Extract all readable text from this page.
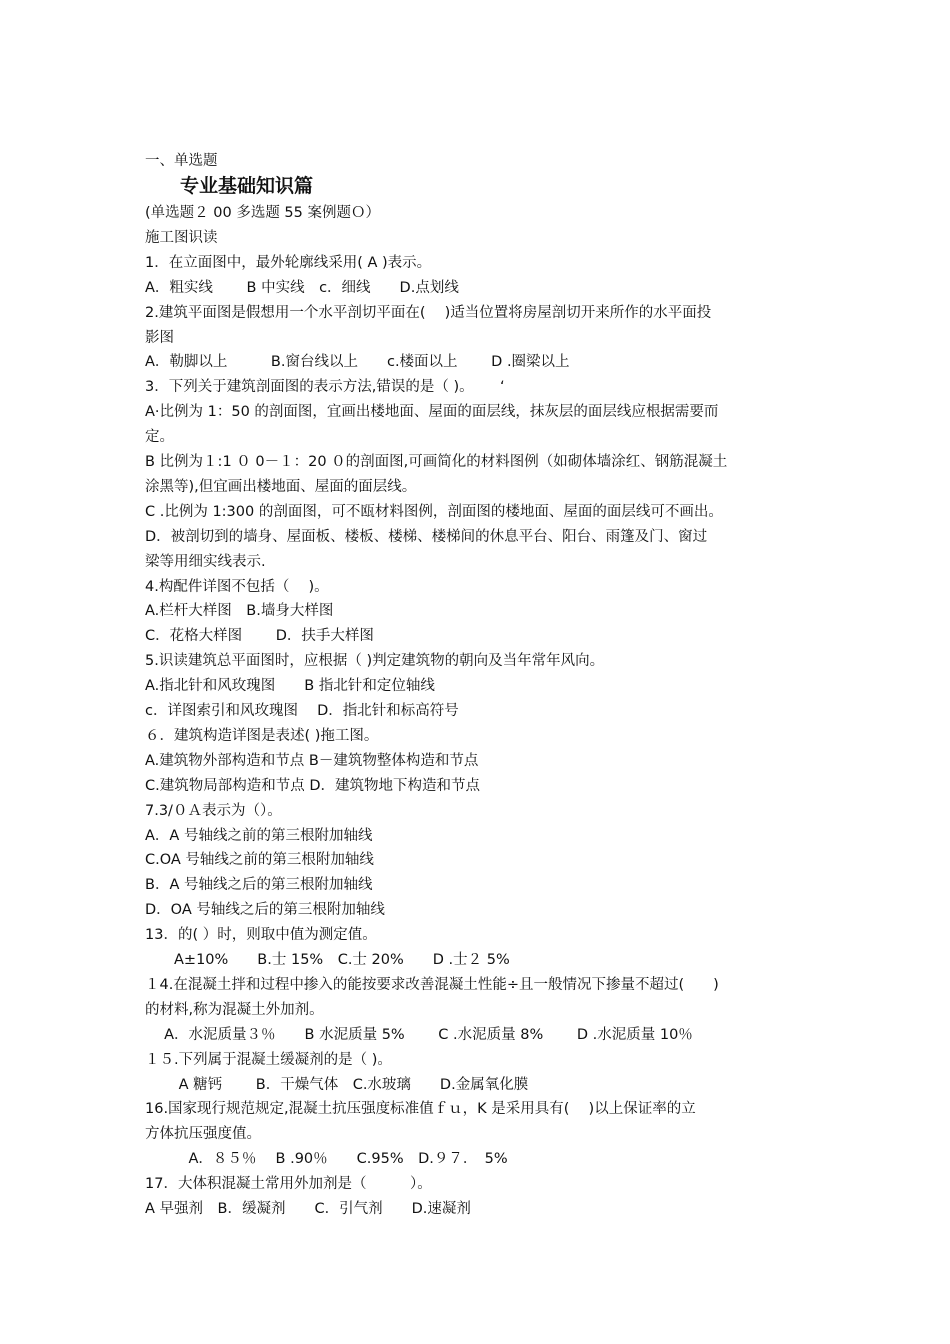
一、单选题
专业基础知识篇
(单选题２ 00 多选题 55 案例题Ｏ）
施工图识读
1．在立面图中，最外轮廓线采用( A )表示。
A．粗实线　　 B 中实线　c．细线　　D.点划线
2.建筑平面图是假想用一个水平剖切平面在(　 )适当位置将房屋剖切开来所作的水平面投
影图
A．勒脚以上　　　B.窗台线以上　　c.楼面以上　　 D .圈梁以上
3．下列关于建筑剖面图的表示方法,错误的是（ )。　　 ‘
A·比例为 1：50 的剖面图，宜画出楼地面、屋面的面层线，抹灰层的面层线应根据需要而
定。
B 比例为１:1 ０ 0－１：20 ０的剖面图,可画简化的材料图例（如砌体墙涂红、钢筋混凝土
涂黑等),但宜画出楼地面、屋面的面层线。
C .比例为 1:300 的剖面图，可不瓯材料图例，剖面图的楼地面、屋面的面层线可不画出。
D．被剖切到的墙身、屋面板、楼板、楼梯、楼梯间的休息平台、阳台、雨篷及门、窗过
梁等用细实线表示.
4.构配件详图不包括（　 )。
A.栏杆大样图　B.墙身大样图
C．花格大样图　　 D．扶手大样图
5.识读建筑总平面图时，应根据（ )判定建筑物的朝向及当年常年风向。
A.指北针和风玫瑰图　　B 指北针和定位轴线
c．详图索引和风玫瑰图　 D．指北针和标高符号
６．建筑构造详图是表述( )拖工图。
A.建筑物外部构造和节点 B－建筑物整体构造和节点
C.建筑物局部构造和节点 D．建筑物地下构造和节点
7.3/０Ａ表示为（）。
A．A 号轴线之前的第三根附加轴线
C.OA 号轴线之前的第三根附加轴线
B．A 号轴线之后的第三根附加轴线
D．OA 号轴线之后的第三根附加轴线
13．的( ）时，则取中值为测定值。
　　A±10%　　B.士 15%　C.士 20%　　D .士２ 5%
１4.在混凝土拌和过程中掺入的能按要求改善混凝土性能÷且一般情况下掺量不超过(　　)
的材料,称为混凝土外加剂。
　 A．水泥质量３％　　B 水泥质量 5%　　 C .水泥质量 8%　　 D .水泥质量 10％
１５.下列属于混凝土缓凝剂的是（ )。
　　 A 糖钙　　 B．干燥气体　C.水玻璃　　D.金属氧化膜
16.国家现行规范规定,混凝土抗压强度标准值ｆｕ，K 是采用具有(　 )以上保证率的立
方体抗压强度值。
　　　A．８５％　 B .90％　　C.95%　D.９７．　5%
17．大体积混凝土常用外加剂是（　　　）。
A 早强剂　B．缓凝剂　　C．引气剂　　D.速凝剂
